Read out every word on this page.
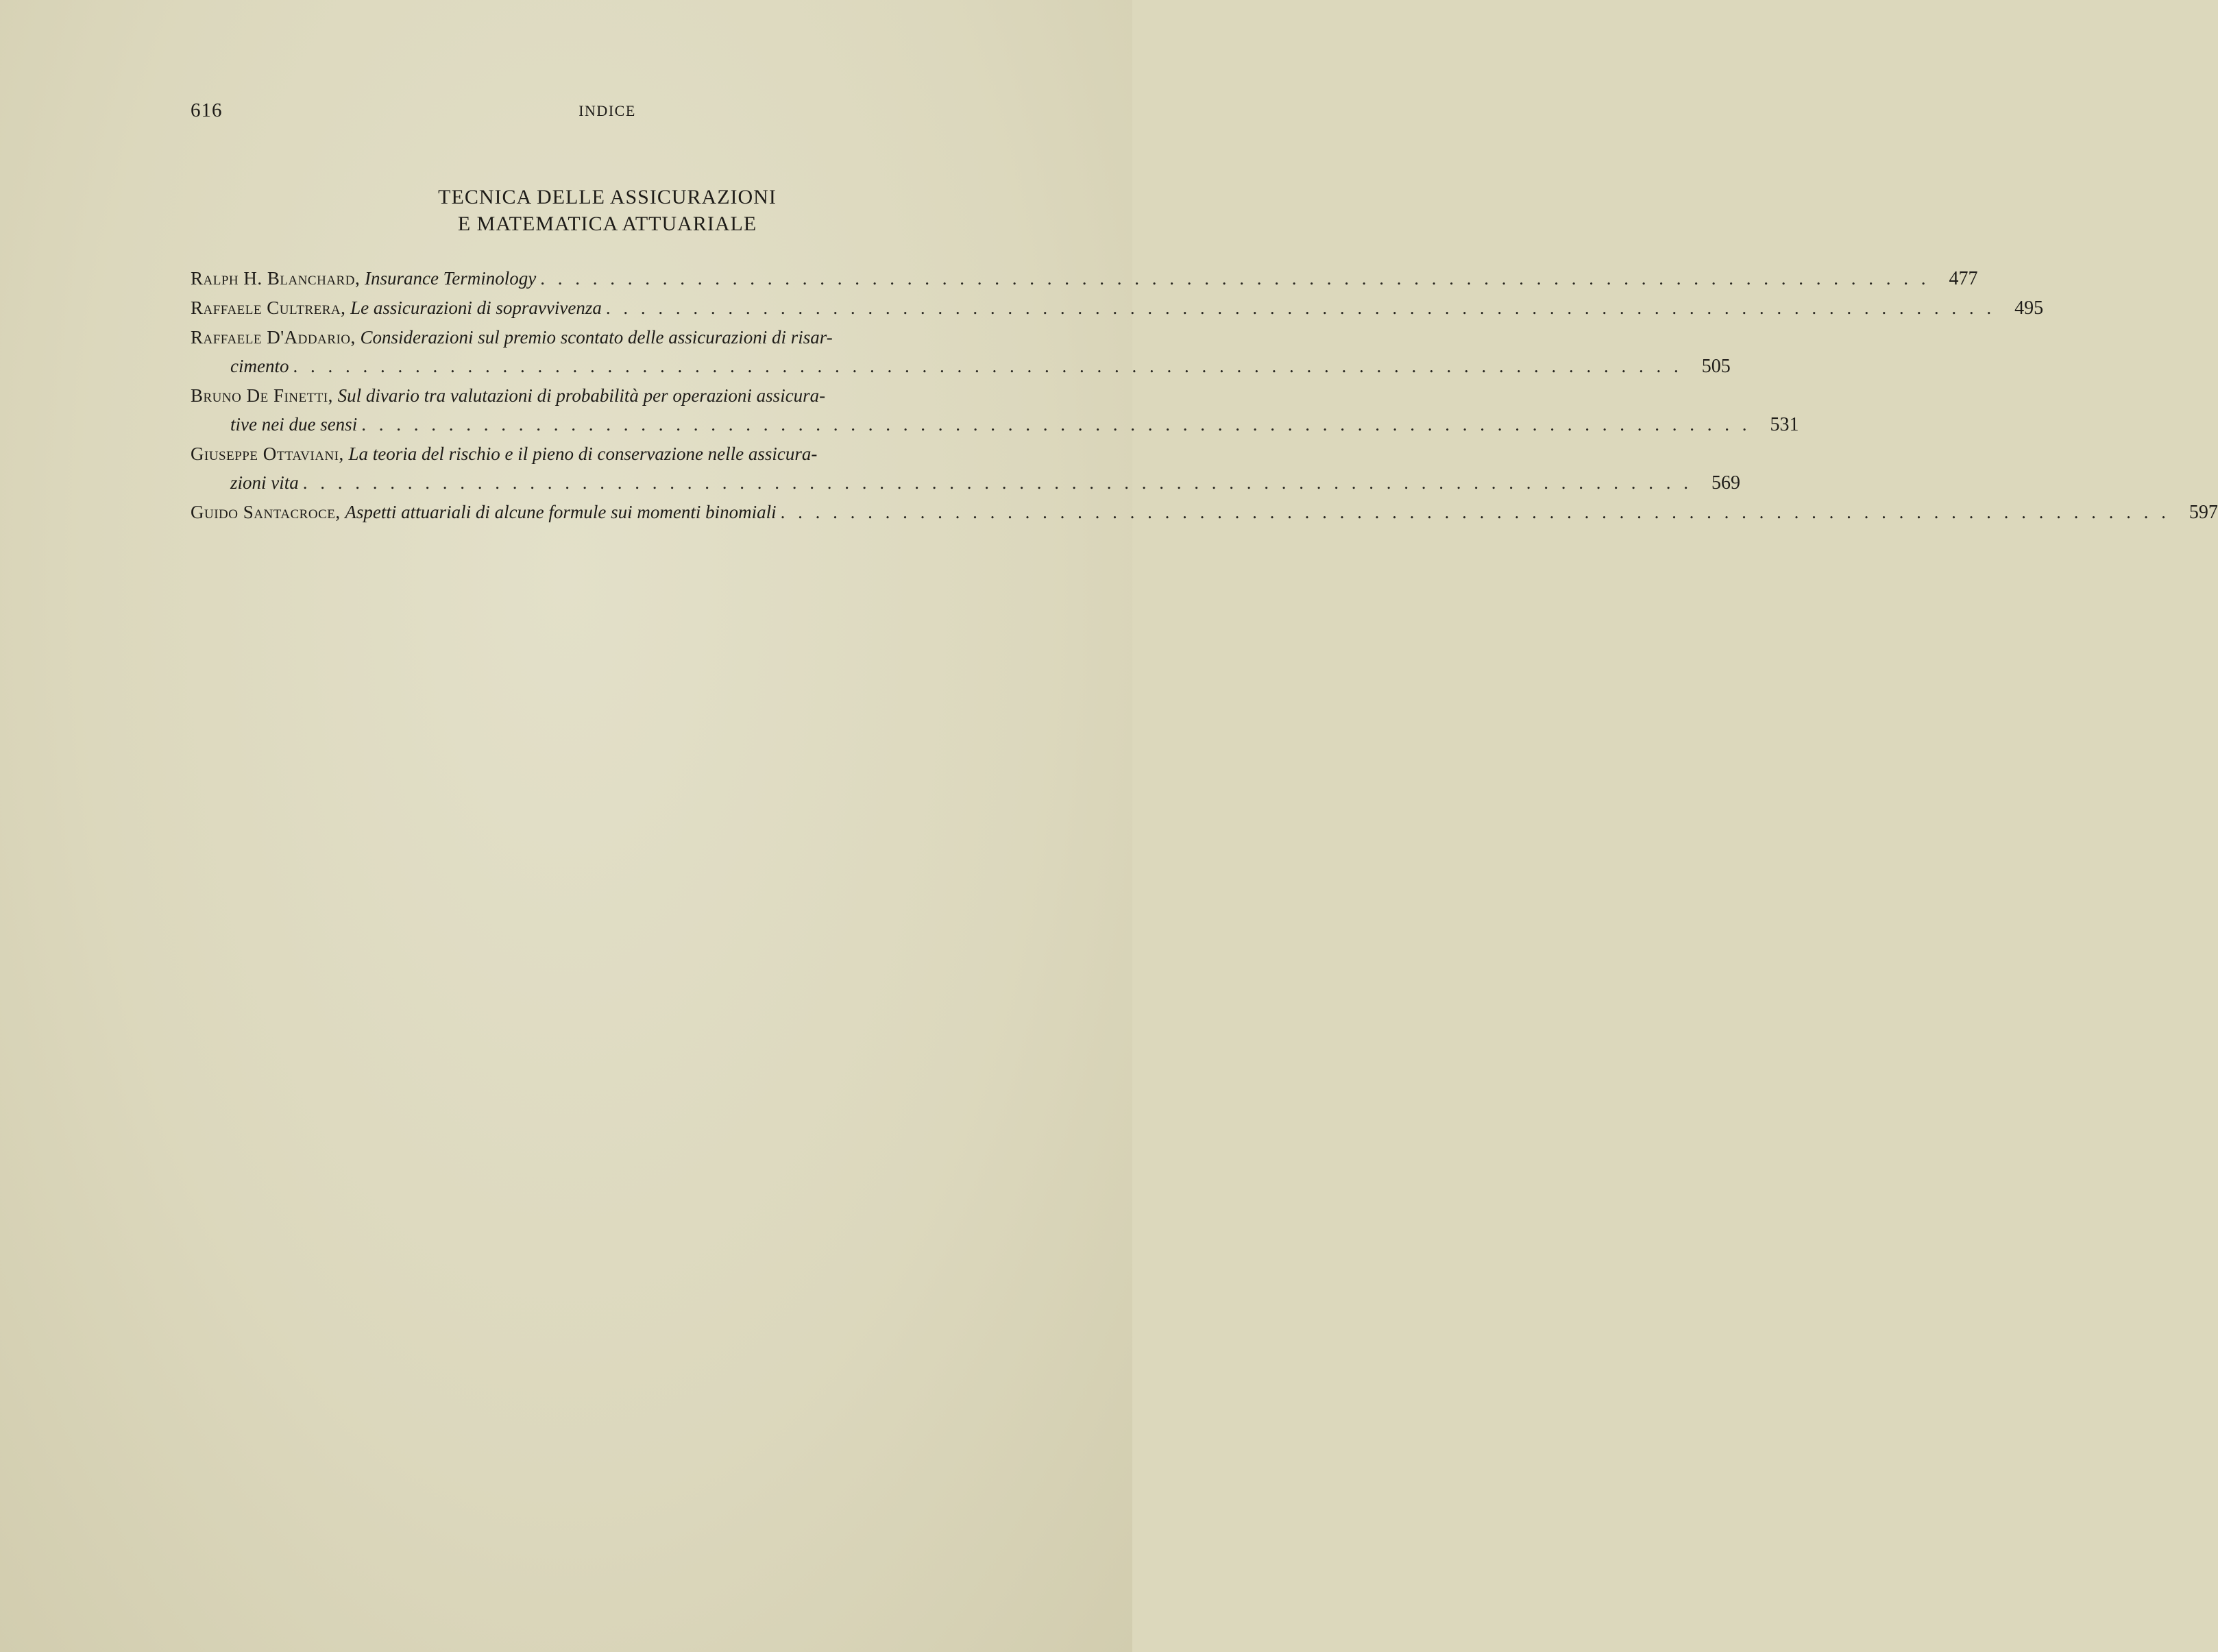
616	INDICE
TECNICA DELLE ASSICURAZIONI
E MATEMATICA ATTUARIALE
Ralph H. Blanchard, Insurance Terminology . . .	477
Raffaele Cultrera, Le assicurazioni di sopravvivenza . . .	495
Raffaele D'Addario, Considerazioni sul premio scontato delle assicurazioni di risar-
cimento . . .	505
Bruno De Finetti, Sul divario tra valutazioni di probabilità per operazioni assicura-
tive nei due sensi . . .	531
Giuseppe Ottaviani, La teoria del rischio e il pieno di conservazione nelle assicura-
zioni vita . . .	569
Guido Santacroce, Aspetti attuariali di alcune formule sui momenti binomiali . . .	597
